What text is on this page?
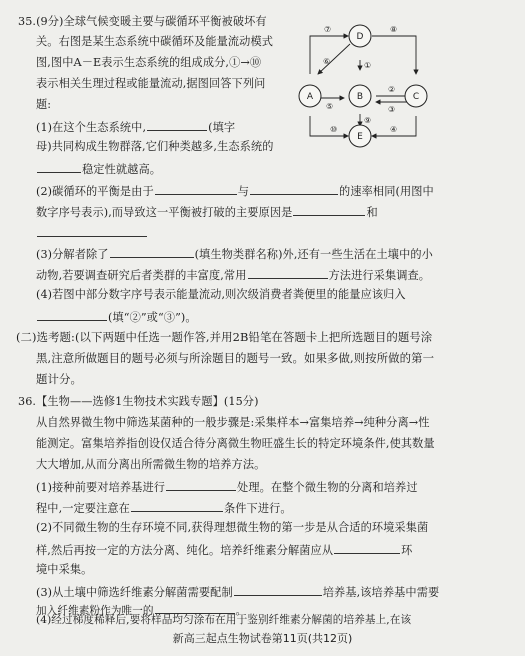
35.(9分)全球气候变暖主要与碳循环平衡被破坏有
关。右图是某生态系统中碳循环及能量流动模式
图,图中A－E表示生态系统的组成成分,①→⑩
表示相关生理过程或能量流动,据图回答下列问
题:
D
A	B	C
E
⑦	⑧
⑥	①
②
③
⑤
⑨
⑩	④
(1)在这个生态系统中,	(填字
母)共同构成生物群落,它们种类越多,生态系统的
稳定性就越高。
(2)碳循环的平衡是由于	与	的速率相同(用图中
数字序号表示),而导致这一平衡被打破的主要原因是	和
(3)分解者除了	(填生物类群名称)外,还有一些生活在土壤中的小
动物,若要调查研究后者类群的丰富度,常用	方法进行采集调查。
(4)若图中部分数字序号表示能量流动,则次级消费者粪便里的能量应该归入
(填“②”或“③”)。
(二)选考题:(以下两题中任选一题作答,并用2B铅笔在答题卡上把所选题目的题号涂
黑,注意所做题目的题号必须与所涂题目的题号一致。如果多做,则按所做的第一
题计分。
36.【生物——选修1生物技术实践专题】(15分)
从自然界微生物中筛选某菌种的一般步骤是:采集样本→富集培养→纯种分离→性
能测定。富集培养指创设仅适合待分离微生物旺盛生长的特定环境条件,使其数量
大大增加,从而分离出所需微生物的培养方法。
(1)接种前要对培养基进行	处理。在整个微生物的分离和培养过
程中,一定要注意在	条件下进行。
(2)不同微生物的生存环境不同,获得理想微生物的第一步是从合适的环境采集菌
样,然后再按一定的方法分离、纯化。培养纤维素分解菌应从	环
境中采集。
(3)从土壤中筛选纤维素分解菌需要配制	培养基,该培养基中需要
加入纤维素粉作为唯一的	。
(4)经过梯度稀释后,要将样品均匀涂布在用于鉴别纤维素分解菌的培养基上,在该
新高三起点生物试卷第11页(共12页)
